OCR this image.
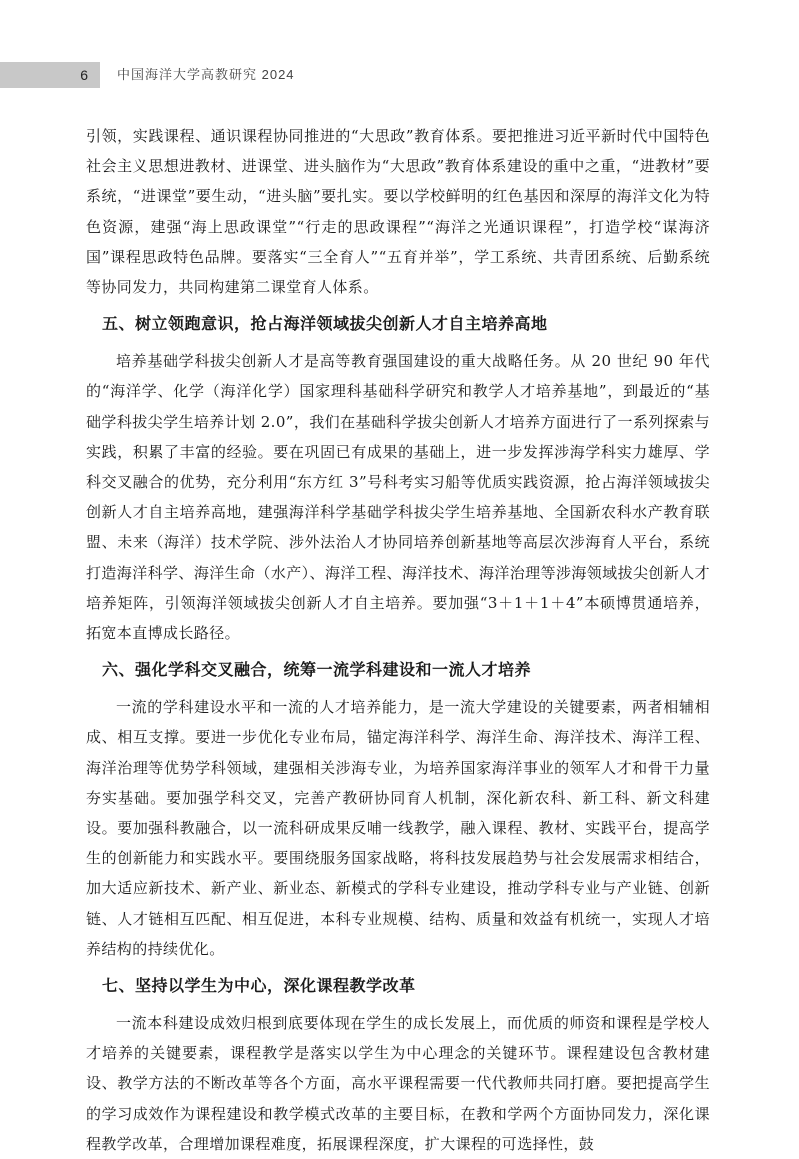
6	中国海洋大学高教研究 2024

引领，实践课程、通识课程协同推进的“大思政”教育体系。要把推进习近平新时代中国特色社会主义思想进教材、进课堂、进头脑作为“大思政”教育体系建设的重中之重，“进教材”要系统，“进课堂”要生动，“进头脑”要扎实。要以学校鲜明的红色基因和深厚的海洋文化为特色资源，建强“海上思政课堂”“行走的思政课程”“海洋之光通识课程”，打造学校“谋海济国”课程思政特色品牌。要落实“三全育人”“五育并举”，学工系统、共青团系统、后勤系统等协同发力，共同构建第二课堂育人体系。

五、树立领跑意识，抢占海洋领域拔尖创新人才自主培养高地

培养基础学科拔尖创新人才是高等教育强国建设的重大战略任务。从 20 世纪 90 年代的“海洋学、化学（海洋化学）国家理科基础科学研究和教学人才培养基地”，到最近的“基础学科拔尖学生培养计划 2.0”，我们在基础科学拔尖创新人才培养方面进行了一系列探索与实践，积累了丰富的经验。要在巩固已有成果的基础上，进一步发挥涉海学科实力雄厚、学科交叉融合的优势，充分利用“东方红 3”号科考实习船等优质实践资源，抢占海洋领域拔尖创新人才自主培养高地，建强海洋科学基础学科拔尖学生培养基地、全国新农科水产教育联盟、未来（海洋）技术学院、涉外法治人才协同培养创新基地等高层次涉海育人平台，系统打造海洋科学、海洋生命（水产）、海洋工程、海洋技术、海洋治理等涉海领域拔尖创新人才培养矩阵，引领海洋领域拔尖创新人才自主培养。要加强“3＋1＋1＋4”本硕博贯通培养，拓宽本直博成长路径。

六、强化学科交叉融合，统筹一流学科建设和一流人才培养

一流的学科建设水平和一流的人才培养能力，是一流大学建设的关键要素，两者相辅相成、相互支撑。要进一步优化专业布局，锚定海洋科学、海洋生命、海洋技术、海洋工程、海洋治理等优势学科领域，建强相关涉海专业，为培养国家海洋事业的领军人才和骨干力量夯实基础。要加强学科交叉，完善产教研协同育人机制，深化新农科、新工科、新文科建设。要加强科教融合，以一流科研成果反哺一线教学，融入课程、教材、实践平台，提高学生的创新能力和实践水平。要围绕服务国家战略，将科技发展趋势与社会发展需求相结合，加大适应新技术、新产业、新业态、新模式的学科专业建设，推动学科专业与产业链、创新链、人才链相互匹配、相互促进，本科专业规模、结构、质量和效益有机统一，实现人才培养结构的持续优化。

七、坚持以学生为中心，深化课程教学改革

一流本科建设成效归根到底要体现在学生的成长发展上，而优质的师资和课程是学校人才培养的关键要素，课程教学是落实以学生为中心理念的关键环节。课程建设包含教材建设、教学方法的不断改革等各个方面，高水平课程需要一代代教师共同打磨。要把提高学生的学习成效作为课程建设和教学模式改革的主要目标，在教和学两个方面协同发力，深化课程教学改革，合理增加课程难度，拓展课程深度，扩大课程的可选择性，鼓
